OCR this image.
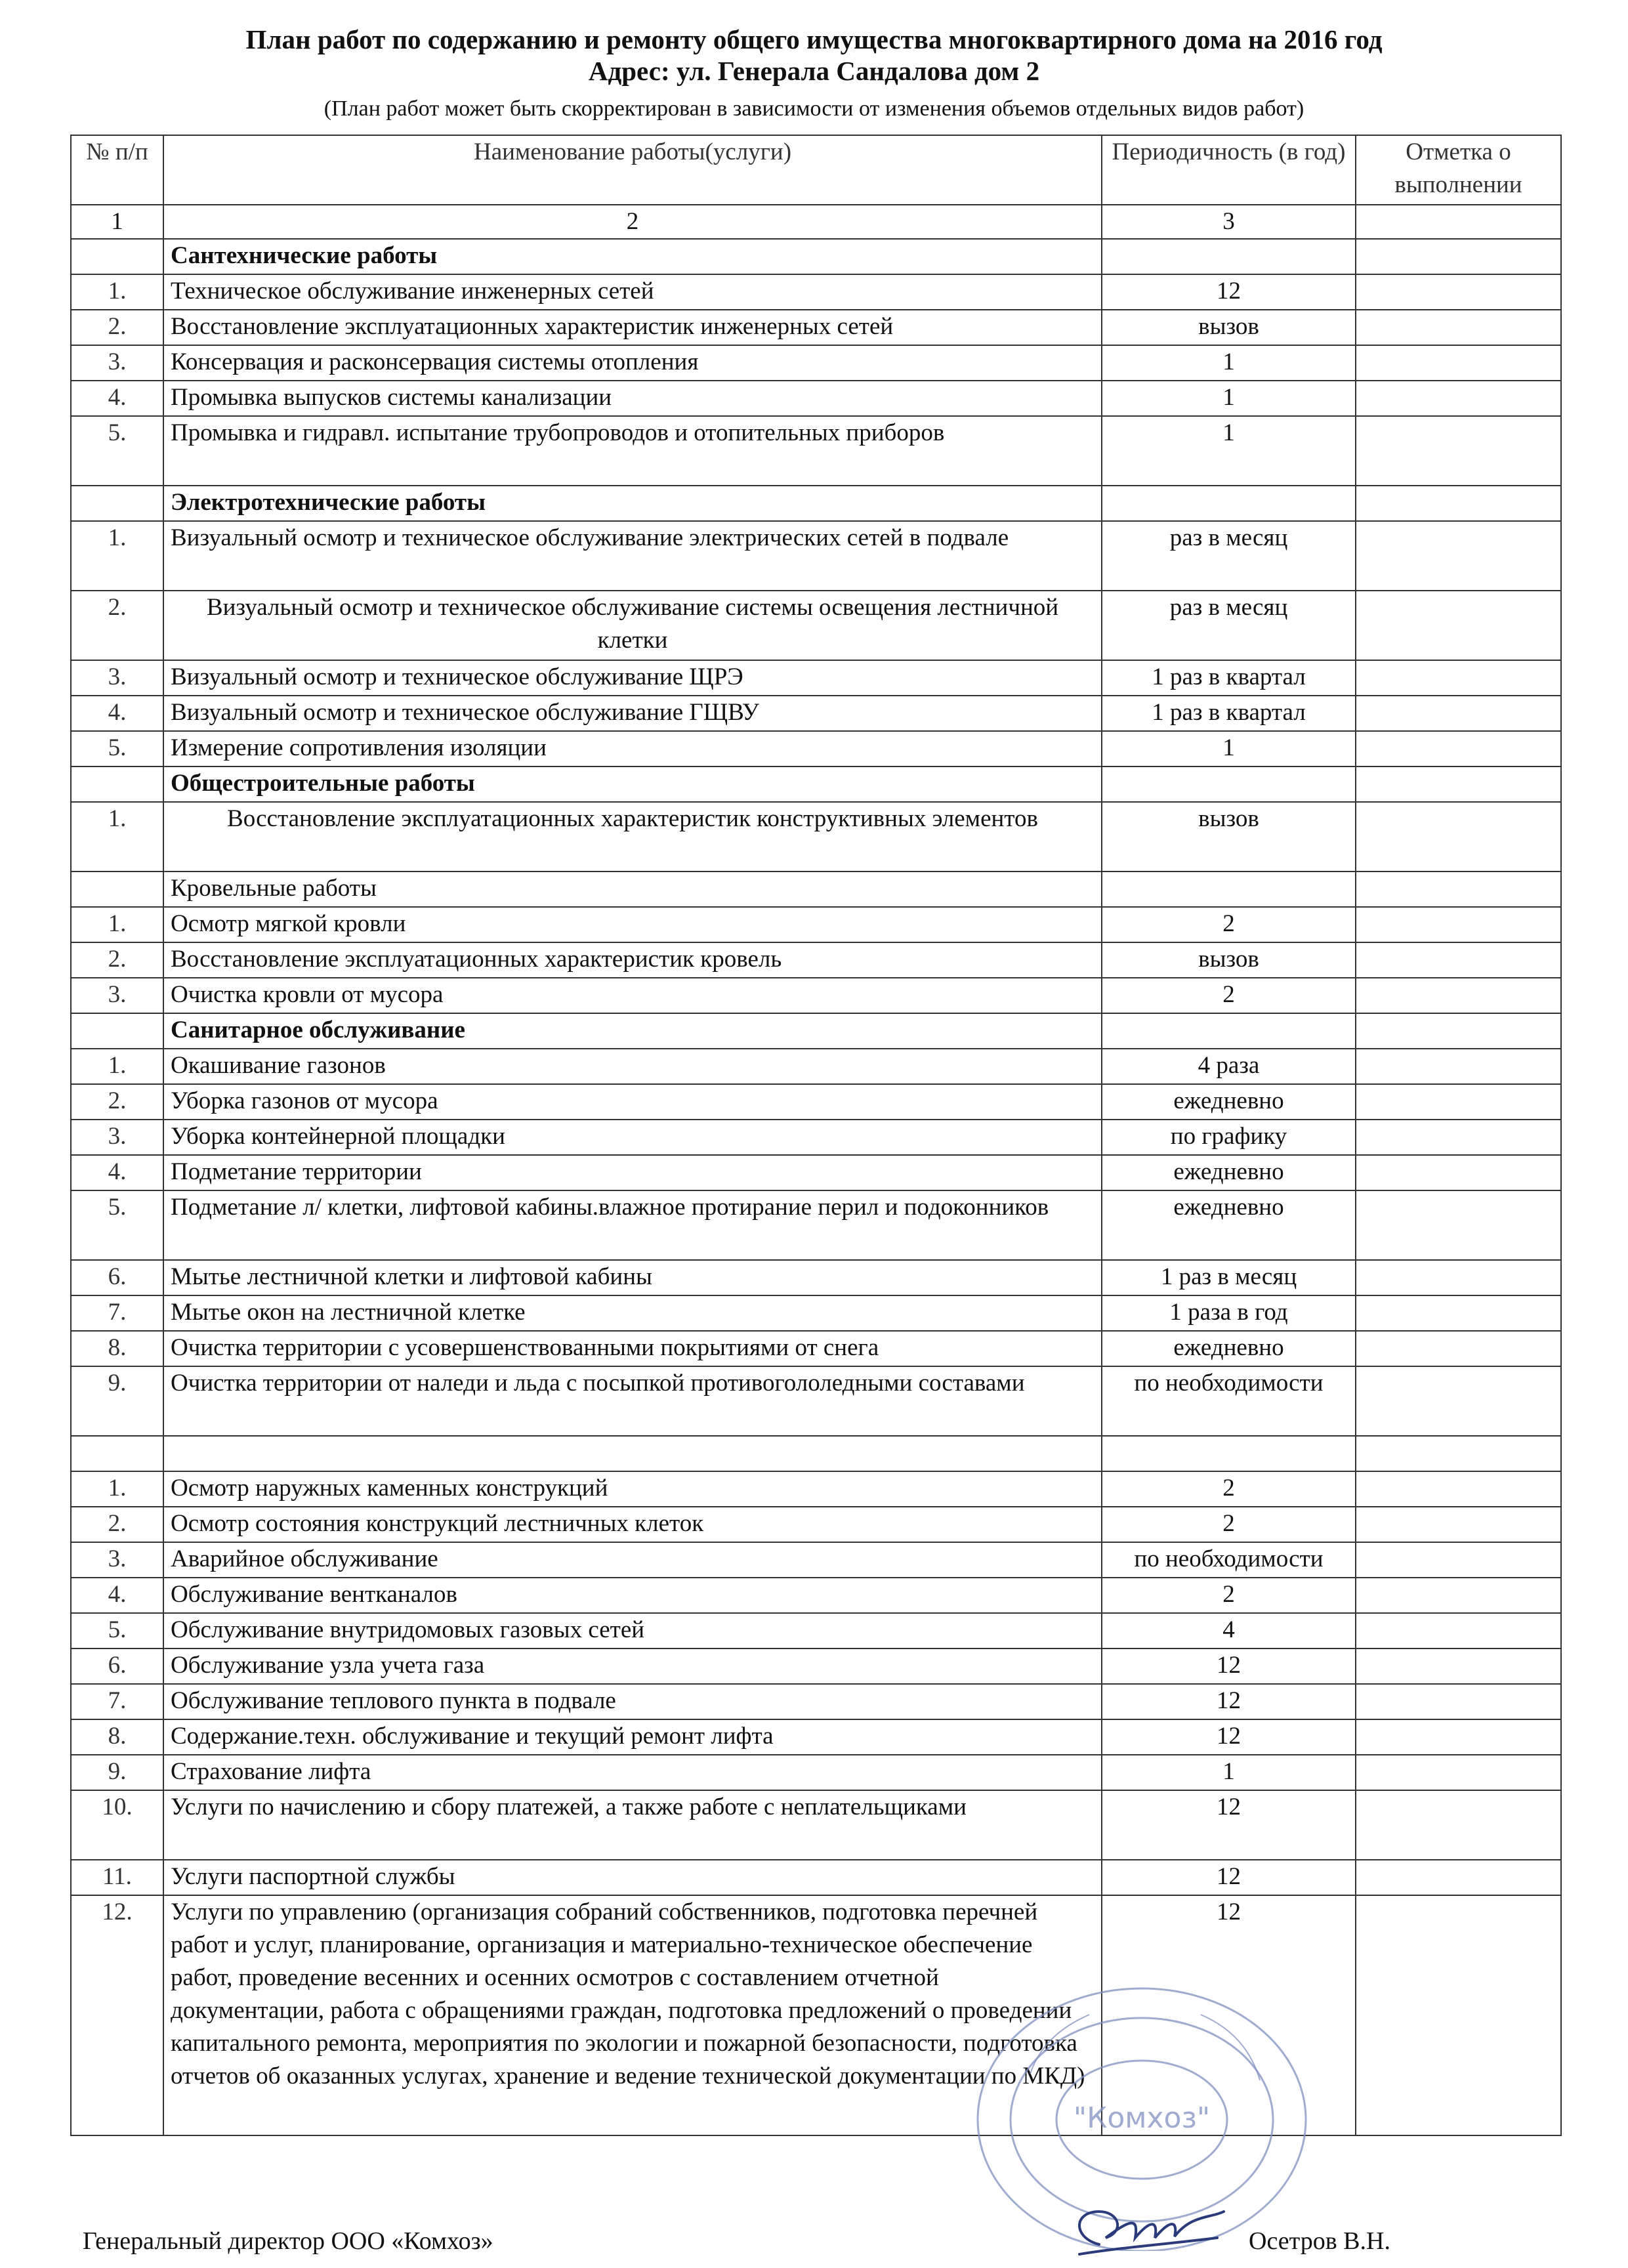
План работ по содержанию и ремонту общего имущества многоквартирного дома на 2016 год
Адрес: ул. Генерала Сандалова дом 2
(План работ может быть скорректирован в зависимости от изменения объемов отдельных видов работ)
№ п/п	Наименование работы(услуги)	Периодичность (в год)	Отметка о выполнении
1	2	3	
	Сантехнические работы		
1.	Техническое обслуживание инженерных сетей	12	
2.	Восстановление эксплуатационных характеристик инженерных сетей	вызов	
3.	Консервация и расконсервация системы отопления	1	
4.	Промывка выпусков системы канализации	1	
5.	Промывка и гидравл. испытание трубопроводов и отопительных приборов	1	
	Электротехнические работы		
1.	Визуальный осмотр и техническое обслуживание электрических сетей в подвале	раз в месяц	
2.	Визуальный осмотр и техническое обслуживание системы освещения лестничной клетки	раз в месяц	
3.	Визуальный осмотр и техническое обслуживание ЩРЭ	1 раз в квартал	
4.	Визуальный осмотр и техническое обслуживание ГЩВУ	1 раз в квартал	
5.	Измерение сопротивления изоляции	1	
	Общестроительные работы		
1.	Восстановление эксплуатационных характеристик конструктивных элементов	вызов	
	Кровельные работы		
1.	Осмотр мягкой кровли	2	
2.	Восстановление эксплуатационных характеристик кровель	вызов	
3.	Очистка кровли от мусора	2	
	Санитарное обслуживание		
1.	Окашивание газонов	4 раза	
2.	Уборка газонов от мусора	ежедневно	
3.	Уборка контейнерной площадки	по графику	
4.	Подметание территории	ежедневно	
5.	Подметание л/ клетки, лифтовой кабины.влажное протирание перил и подоконников	ежедневно	
6.	Мытье лестничной клетки и лифтовой кабины	1 раз в месяц	
7.	Мытье окон на лестничной клетке	1 раза в год	
8.	Очистка территории с усовершенствованными покрытиями от снега	ежедневно	
9.	Очистка территории от наледи и льда с посыпкой противогололедными составами	по необходимости	

1.	Осмотр наружных каменных конструкций	2	
2.	Осмотр состояния конструкций лестничных клеток	2	
3.	Аварийное обслуживание	по необходимости	
4.	Обслуживание вентканалов	2	
5.	Обслуживание внутридомовых газовых сетей	4	
6.	Обслуживание узла учета газа	12	
7.	Обслуживание теплового пункта в подвале	12	
8.	Содержание.техн. обслуживание и текущий ремонт лифта	12	
9.	Страхование лифта	1	
10.	Услуги по начислению и сбору платежей, а также работе с неплательщиками	12	
11.	Услуги паспортной службы	12	
12.	Услуги по управлению (организация собраний собственников, подготовка перечней работ и услуг, планирование, организация и материально-техническое обеспечение работ, проведение весенних и осенних осмотров с составлением отчетной документации, работа с обращениями граждан, подготовка предложений о проведении капитального ремонта, мероприятия по экологии и пожарной безопасности, подготовка отчетов об оказанных услугах, хранение и ведение технической документации по МКД)	12	
"Комхоз"
Генеральный директор ООО «Комхоз»	Осетров В.Н.
